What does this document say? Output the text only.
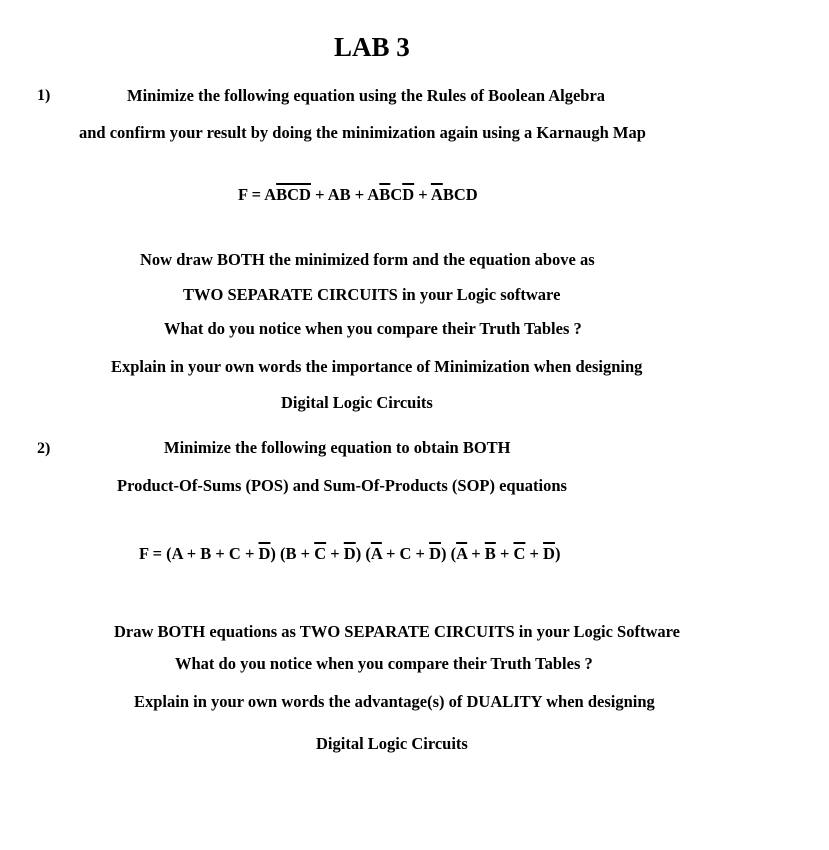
LAB 3
1)	Minimize the following equation using the Rules of Boolean Algebra
and confirm your result by doing the minimization again using a Karnaugh Map
$F = A\overline{BCD}$ + AB + $A\overline{B}C\overline{D} + \overline{A}BCD$
Now draw BOTH the minimized form and the equation above as
TWO SEPARATE CIRCUITS in your Logic software
What do you notice when you compare their Truth Tables ?
Explain in your own words the importance of Minimization when designing
Digital Logic Circuits
2)	Minimize the following equation to obtain BOTH
Product-Of-Sums (POS) and Sum-Of-Products (SOP) equations
$F = (A + B + C + \overline{D})$ $(B + \overline{C} + \overline{D})$ $(\overline{A} + C + \overline{D}) (\overline{A} + \overline{B} + \overline{C} + \overline{D})$
Draw BOTH equations as TWO SEPARATE CIRCUITS in your Logic Software
What do you notice when you compare their Truth Tables ?
Explain in your own words the advantage(s) of DUALITY when designing
Digital Logic Circuits
